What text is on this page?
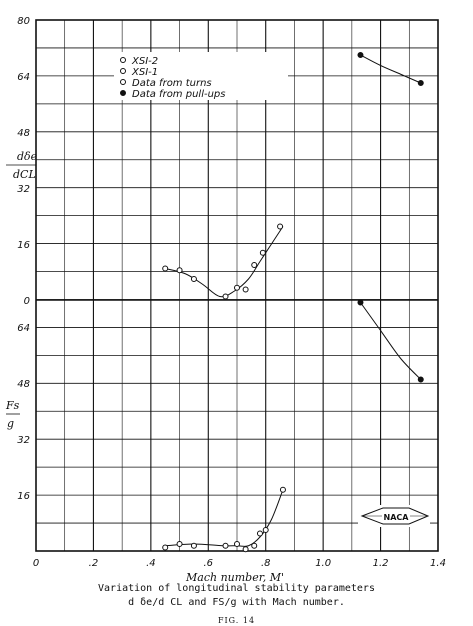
0	.2	.4	.6	.8	1.0	1.2	1.4
0
16
32
48
64
80
16
32
48
64
dδe
dCL
Fs
g
Mach number, M'
XSI-2
XSI-1
Data from turns
Data from pull-ups
NACA
Variation of longitudinal stability parameters
d δe/d CL and FS/g with Mach number.
FIG. 14
